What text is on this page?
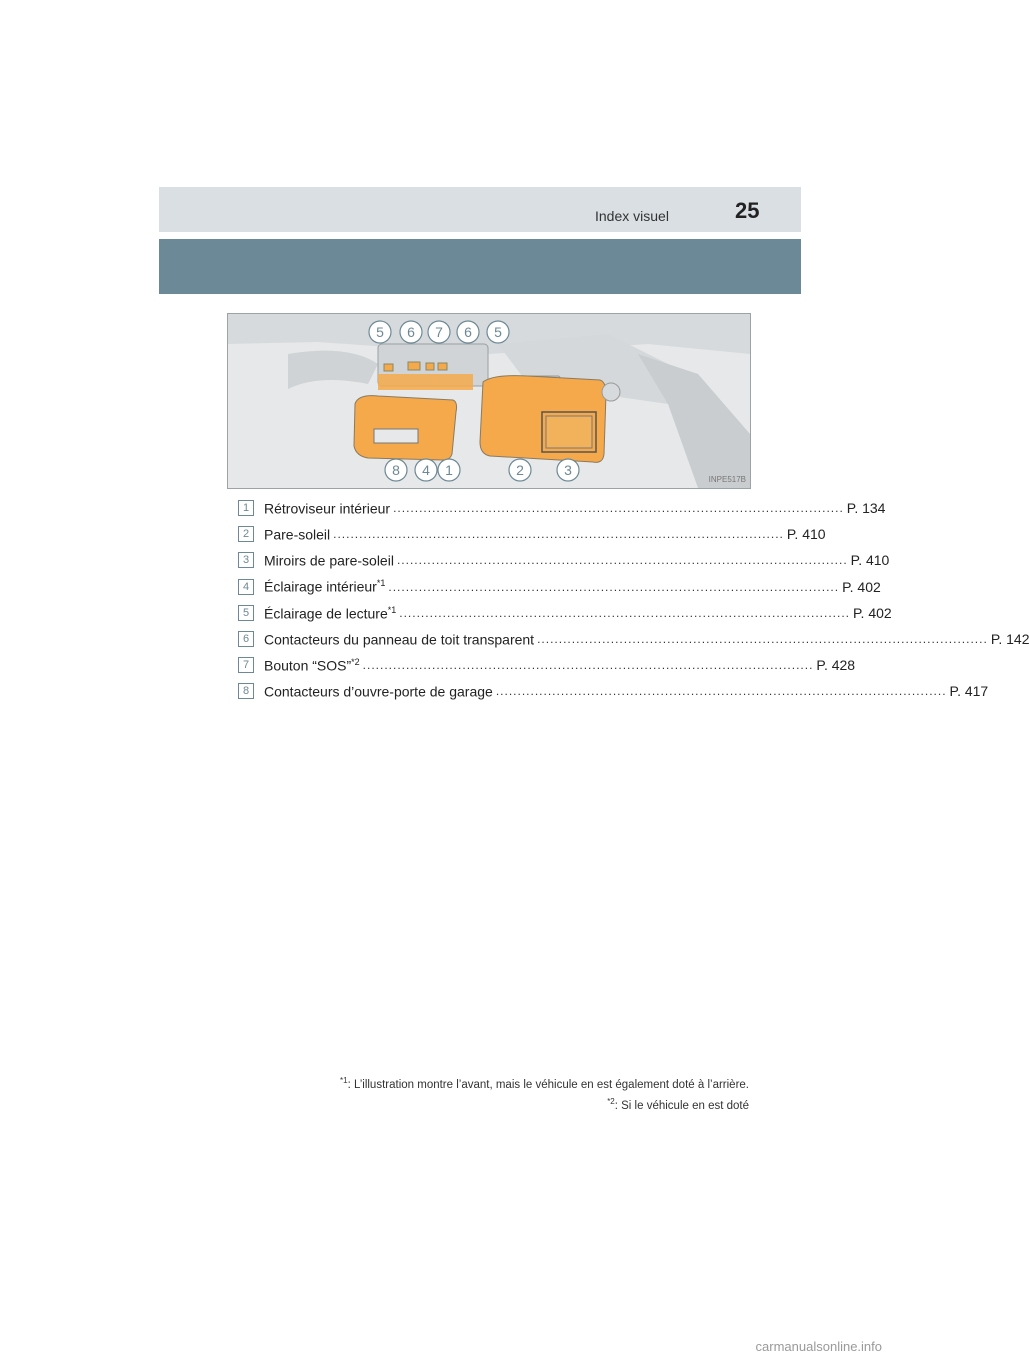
Index visuel	25
5 6 7 6 5
8 4 1	2	3
INPE517B
1	Rétroviseur intérieur ........................................................................................................ P. 134
2	Pare-soleil ........................................................................................................ P. 410
3	Miroirs de pare-soleil ........................................................................................................ P. 410
4	Éclairage intérieur$^{*1}$ ........................................................................................................ P. 402
5	Éclairage de lecture$^{*1}$ ........................................................................................................ P. 402
6	Contacteurs du panneau de toit transparent ........................................................................................................ P. 142
7	Bouton “SOS”$^{*2}$ ........................................................................................................ P. 428
8	Contacteurs d’ouvre-porte de garage ........................................................................................................ P. 417
$^{*1}$: L’illustration montre l’avant, mais le véhicule en est également doté à l’arrière.
$^{*2}$: Si le véhicule en est doté
carmanualsonline.info
